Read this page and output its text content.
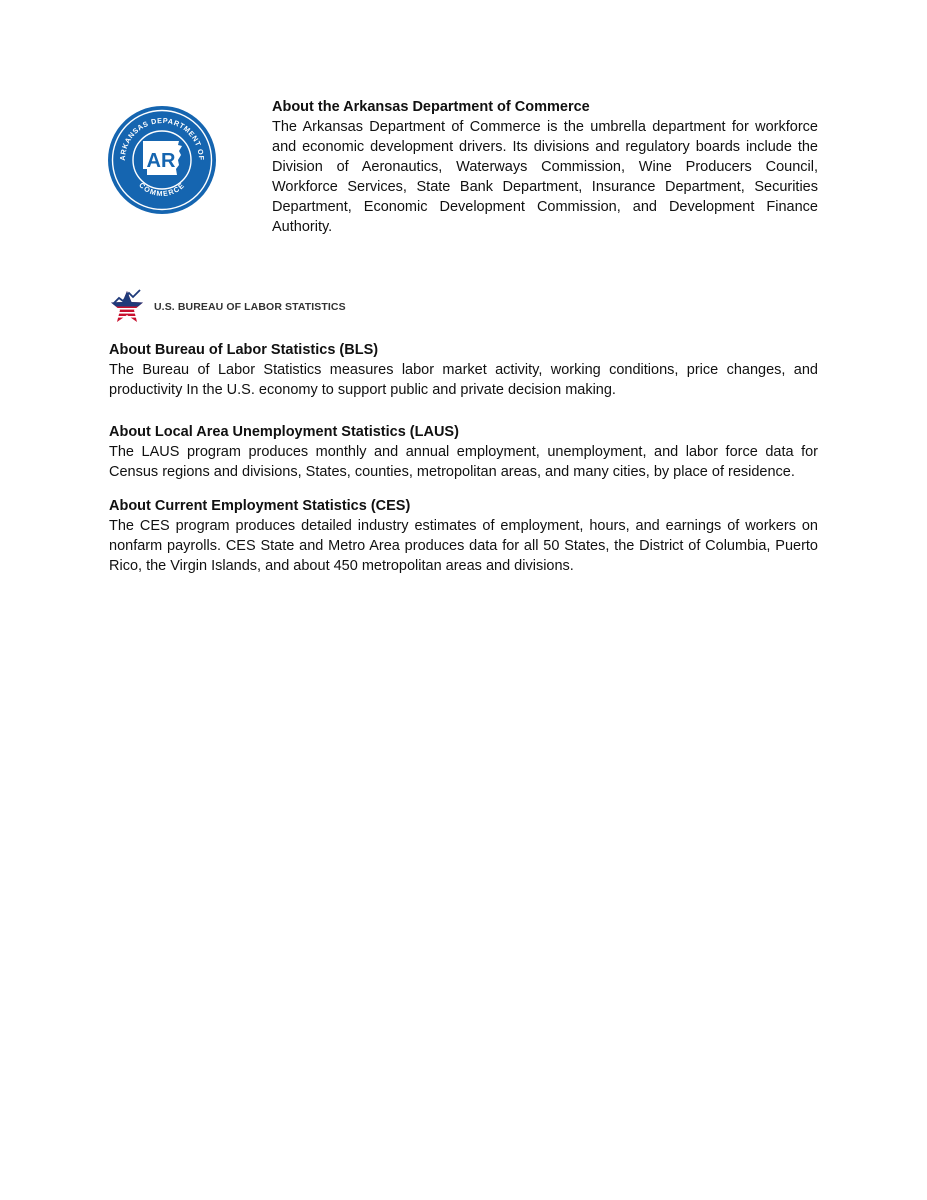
ARKANSAS DEPARTMENT OF
COMMERCE
AR

About the Arkansas Department of Commerce

The Arkansas Department of Commerce is the umbrella department for workforce and economic development drivers. Its divisions and regulatory boards include the Division of Aeronautics, Waterways Commission, Wine Producers Council, Workforce Services, State Bank Department, Insurance Department, Securities Department, Economic Development Commission, and Development Finance Authority.

U.S. BUREAU OF LABOR STATISTICS

About Bureau of Labor Statistics (BLS)

The Bureau of Labor Statistics measures labor market activity, working conditions, price changes, and productivity In the U.S. economy to support public and private decision making.

About Local Area Unemployment Statistics (LAUS)

The LAUS program produces monthly and annual employment, unemployment, and labor force data for Census regions and divisions, States, counties, metropolitan areas, and many cities, by place of residence.

About Current Employment Statistics (CES)

The CES program produces detailed industry estimates of employment, hours, and earnings of workers on nonfarm payrolls. CES State and Metro Area produces data for all 50 States, the District of Columbia, Puerto Rico, the Virgin Islands, and about 450 metropolitan areas and divisions.
